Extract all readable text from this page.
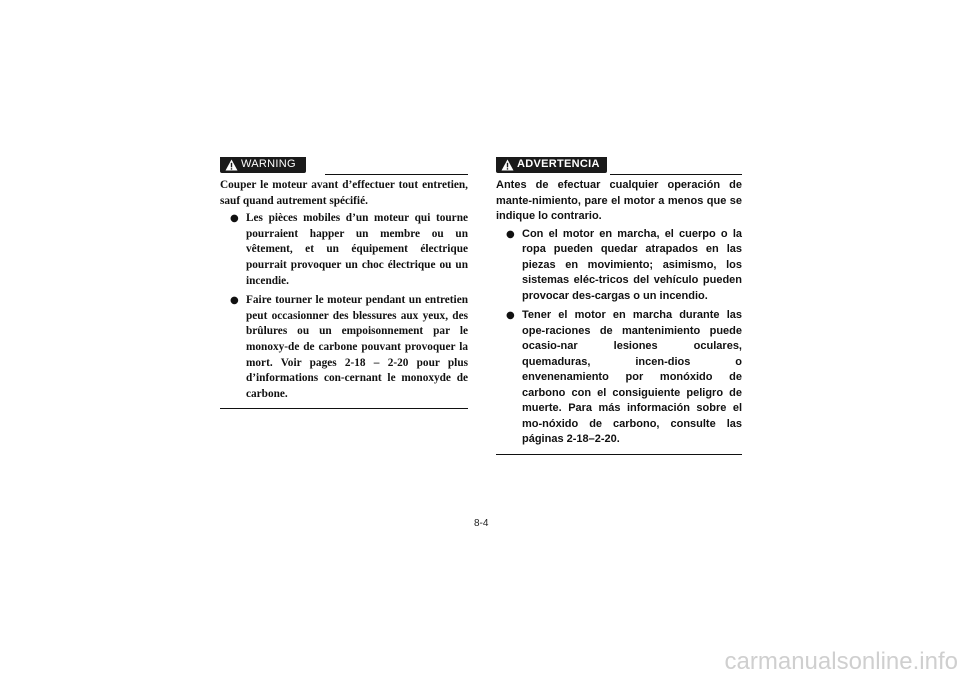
WARNING

Couper le moteur avant d’effectuer tout entretien, sauf quand autrement spécifié.

● Les pièces mobiles d’un moteur qui tourne pourraient happer un membre ou un vêtement, et un équipement électrique pourrait provoquer un choc électrique ou un incendie.
● Faire tourner le moteur pendant un entretien peut occasionner des blessures aux yeux, des brûlures ou un empoisonnement par le monoxy-de de carbone pouvant provoquer la mort. Voir pages 2-18 – 2-20 pour plus d’informations con-cernant le monoxyde de carbone.
ADVERTENCIA

Antes de efectuar cualquier operación de mante-nimiento, pare el motor a menos que se indique lo contrario.

● Con el motor en marcha, el cuerpo o la ropa pueden quedar atrapados en las piezas en movimiento; asimismo, los sistemas eléc-tricos del vehículo pueden provocar des-cargas o un incendio.
● Tener el motor en marcha durante las ope-raciones de mantenimiento puede ocasio-nar lesiones oculares, quemaduras, incen-dios o envenenamiento por monóxido de carbono con el consiguiente peligro de muerte. Para más información sobre el mo-nóxido de carbono, consulte las páginas 2-18–2-20.
8-4
carmanualsonline.info
